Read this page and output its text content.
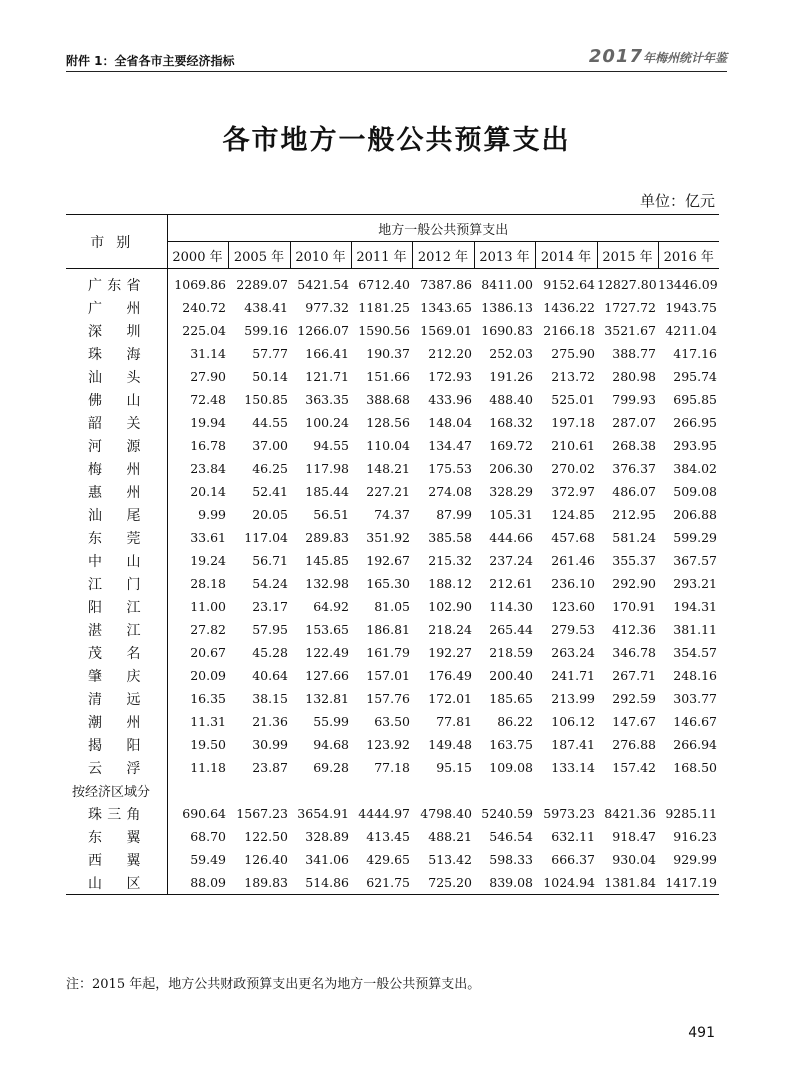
附件 1：全省各市主要经济指标	2017年梅州统计年鉴
各市地方一般公共预算支出
单位：亿元
市别	地方一般公共预算支出								
	2000 年	2005 年	2010 年	2011 年	2012 年	2013 年	2014 年	2015 年	2016 年
广东省	1069.86	2289.07	5421.54	6712.40	7387.86	8411.00	9152.64	12827.80	13446.09
广州	240.72	438.41	977.32	1181.25	1343.65	1386.13	1436.22	1727.72	1943.75
深圳	225.04	599.16	1266.07	1590.56	1569.01	1690.83	2166.18	3521.67	4211.04
珠海	31.14	57.77	166.41	190.37	212.20	252.03	275.90	388.77	417.16
汕头	27.90	50.14	121.71	151.66	172.93	191.26	213.72	280.98	295.74
佛山	72.48	150.85	363.35	388.68	433.96	488.40	525.01	799.93	695.85
韶关	19.94	44.55	100.24	128.56	148.04	168.32	197.18	287.07	266.95
河源	16.78	37.00	94.55	110.04	134.47	169.72	210.61	268.38	293.95
梅州	23.84	46.25	117.98	148.21	175.53	206.30	270.02	376.37	384.02
惠州	20.14	52.41	185.44	227.21	274.08	328.29	372.97	486.07	509.08
汕尾	9.99	20.05	56.51	74.37	87.99	105.31	124.85	212.95	206.88
东莞	33.61	117.04	289.83	351.92	385.58	444.66	457.68	581.24	599.29
中山	19.24	56.71	145.85	192.67	215.32	237.24	261.46	355.37	367.57
江门	28.18	54.24	132.98	165.30	188.12	212.61	236.10	292.90	293.21
阳江	11.00	23.17	64.92	81.05	102.90	114.30	123.60	170.91	194.31
湛江	27.82	57.95	153.65	186.81	218.24	265.44	279.53	412.36	381.11
茂名	20.67	45.28	122.49	161.79	192.27	218.59	263.24	346.78	354.57
肇庆	20.09	40.64	127.66	157.01	176.49	200.40	241.71	267.71	248.16
清远	16.35	38.15	132.81	157.76	172.01	185.65	213.99	292.59	303.77
潮州	11.31	21.36	55.99	63.50	77.81	86.22	106.12	147.67	146.67
揭阳	19.50	30.99	94.68	123.92	149.48	163.75	187.41	276.88	266.94
云浮	11.18	23.87	69.28	77.18	95.15	109.08	133.14	157.42	168.50
按经济区域分									
珠三角	690.64	1567.23	3654.91	4444.97	4798.40	5240.59	5973.23	8421.36	9285.11
东翼	68.70	122.50	328.89	413.45	488.21	546.54	632.11	918.47	916.23
西翼	59.49	126.40	341.06	429.65	513.42	598.33	666.37	930.04	929.99
山区	88.09	189.83	514.86	621.75	725.20	839.08	1024.94	1381.84	1417.19
注：2015 年起，地方公共财政预算支出更名为地方一般公共预算支出。
491
